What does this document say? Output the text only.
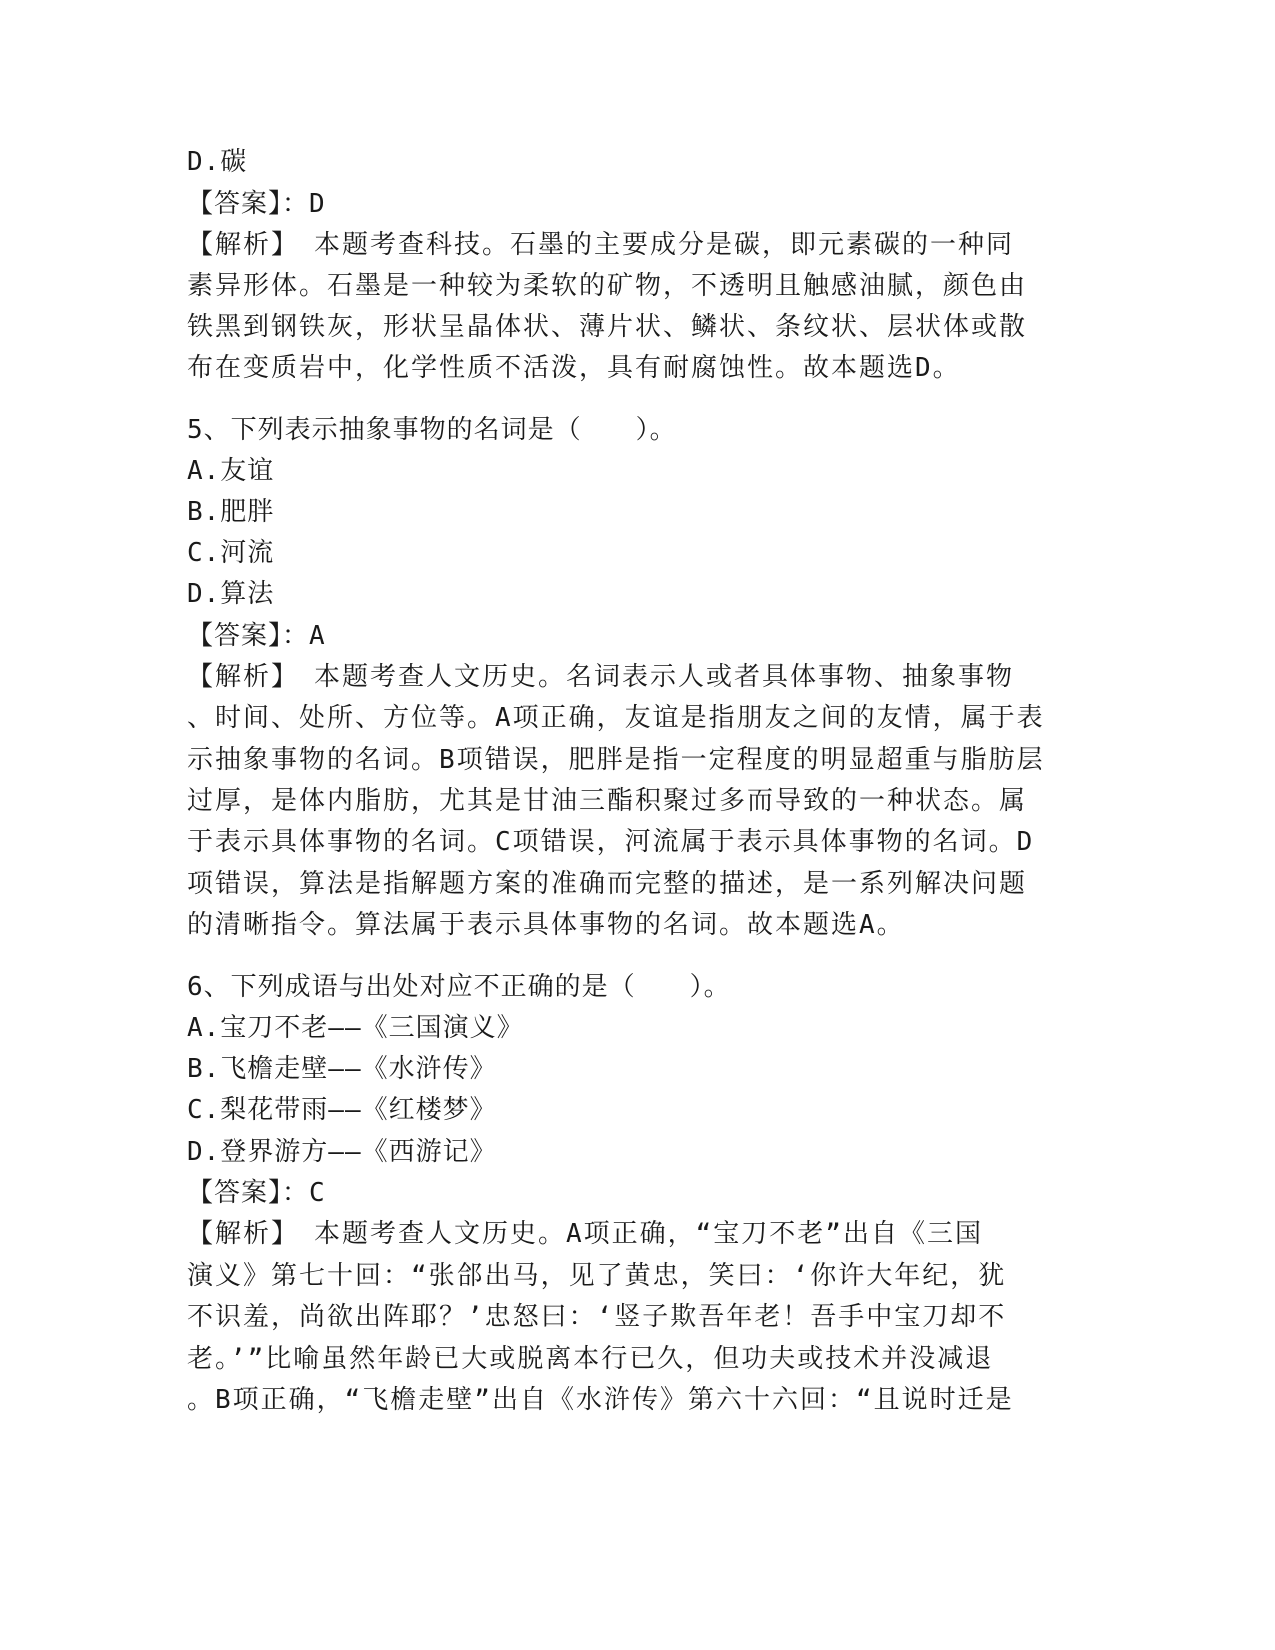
D.碳
【答案】：D
【解析】　本题考查科技。石墨的主要成分是碳，即元素碳的一种同
素异形体。石墨是一种较为柔软的矿物，不透明且触感油腻，颜色由
铁黑到钢铁灰，形状呈晶体状、薄片状、鳞状、条纹状、层状体或散
布在变质岩中，化学性质不活泼，具有耐腐蚀性。故本题选D。
5、下列表示抽象事物的名词是（　　）。
A.友谊
B.肥胖
C.河流
D.算法
【答案】：A
【解析】　本题考查人文历史。名词表示人或者具体事物、抽象事物
、时间、处所、方位等。A项正确，友谊是指朋友之间的友情，属于表
示抽象事物的名词。B项错误，肥胖是指一定程度的明显超重与脂肪层
过厚，是体内脂肪，尤其是甘油三酯积聚过多而导致的一种状态。属
于表示具体事物的名词。C项错误，河流属于表示具体事物的名词。D
项错误，算法是指解题方案的准确而完整的描述，是一系列解决问题
的清晰指令。算法属于表示具体事物的名词。故本题选A。
6、下列成语与出处对应不正确的是（　　）。
A.宝刀不老——《三国演义》
B.飞檐走壁——《水浒传》
C.梨花带雨——《红楼梦》
D.登界游方——《西游记》
【答案】：C
【解析】　本题考查人文历史。A项正确，“宝刀不老”出自《三国
演义》第七十回：“张郃出马，见了黄忠，笑曰：‘你许大年纪，犹
不识羞，尚欲出阵耶？’忠怒曰：‘竖子欺吾年老！吾手中宝刀却不
老。’”比喻虽然年龄已大或脱离本行已久，但功夫或技术并没减退
。B项正确，“飞檐走壁”出自《水浒传》第六十六回：“且说时迁是
